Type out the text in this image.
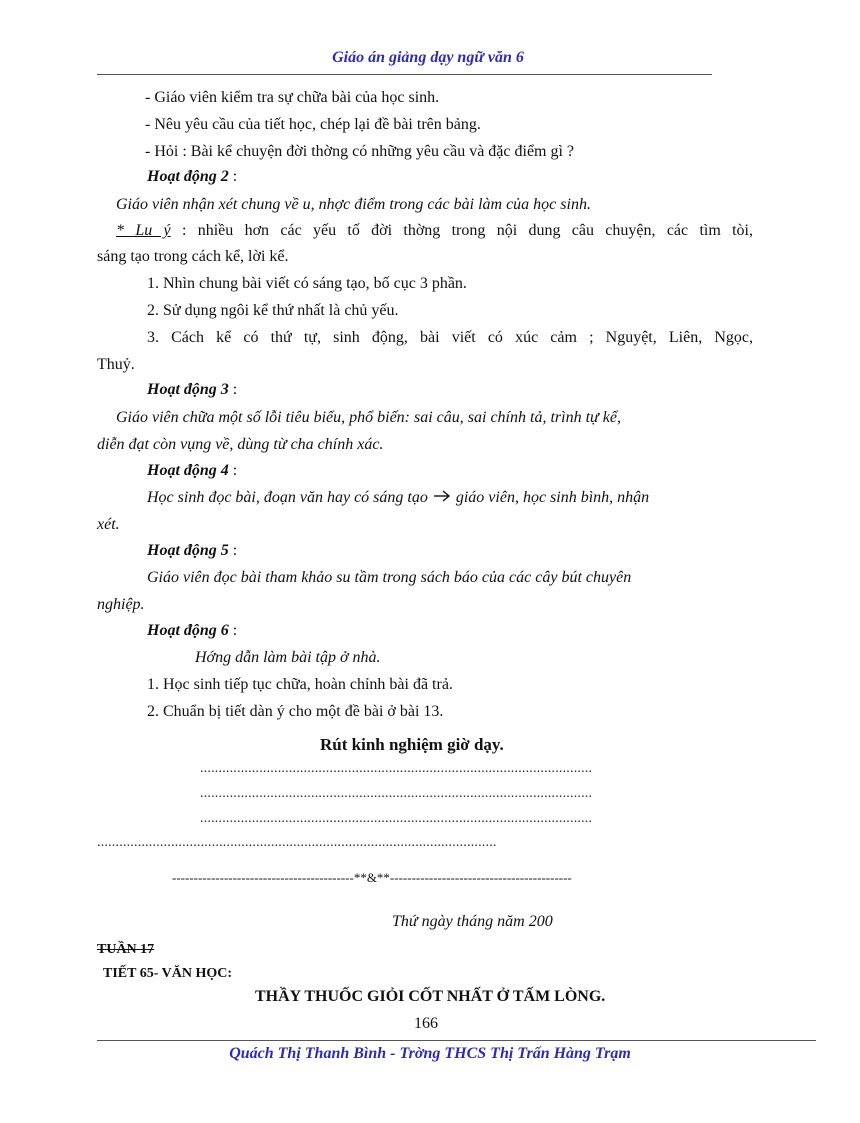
Giáo án giảng dạy ngữ văn 6
- Giáo viên kiểm tra sự chữa bài của học sinh.
- Nêu yêu cầu của tiết học, chép lại đề bài trên bảng.
- Hỏi : Bài kể chuyện đời thờng có những yêu cầu và đặc điểm gì ?
Hoạt động 2 :
Giáo viên nhận xét chung về u, nhợc điểm trong các bài làm của học sinh.
* Lu ý : nhiều hơn các yếu tố đời thờng trong nội dung câu chuyện, các tìm tòi,
sáng tạo trong cách kể, lời kể.
1. Nhìn chung bài viết có sáng tạo, bố cục 3 phần.
2. Sử dụng ngôi kể thứ nhất là chủ yếu.
3. Cách kể có thứ tự, sinh động, bài viết có xúc cảm ; Nguyệt, Liên, Ngọc,
Thuỷ.
Hoạt động 3 :
Giáo viên chữa một số lỗi tiêu biểu, phổ biến: sai câu, sai chính tả, trình tự kể,
diễn đạt còn vụng về, dùng từ cha chính xác.
Hoạt động 4 :
Học sinh đọc bài, đoạn văn hay có sáng tạo giáo viên, học sinh bình, nhận
xét.
Hoạt động 5 :
Giáo viên đọc bài tham khảo su tầm trong sách báo của các cây bút chuyên
nghiệp.
Hoạt động 6 :
Hớng dẫn làm bài tập ở nhà.
1. Học sinh tiếp tục chữa, hoàn chỉnh bài đã trả.
2. Chuẩn bị tiết dàn ý cho một đề bài ở bài 13.
Rút kinh nghiệm giờ dạy.
..........................................................................................................
..........................................................................................................
..........................................................................................................
............................................................................................................
------------------------------------------**&**------------------------------------------
Thứ ngày tháng năm 200
TUẦN 17
TIẾT 65- VĂN HỌC:
THẦY THUỐC GIỎI CỐT NHẤT Ở TẤM LÒNG.
166
Quách Thị Thanh Bình - Trờng THCS Thị Trấn Hàng Trạm
